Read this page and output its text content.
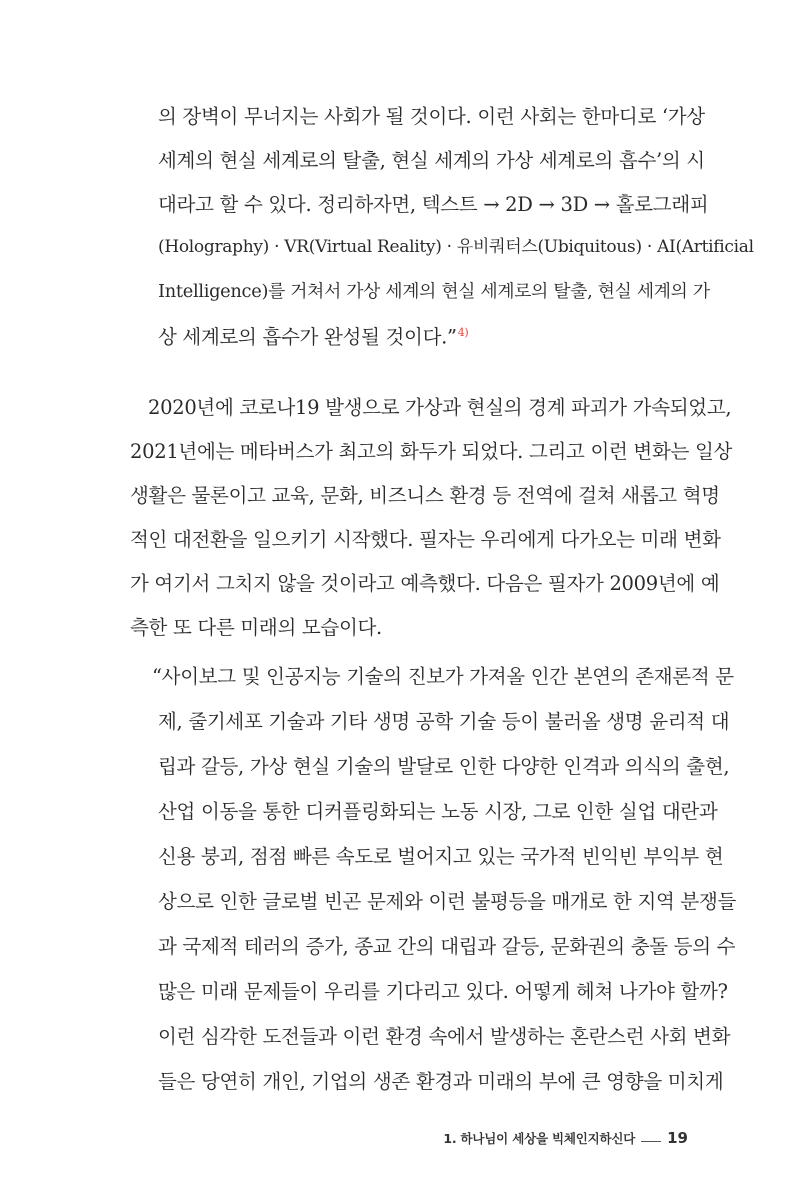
의 장벽이 무너지는 사회가 될 것이다. 이런 사회는 한마디로 ‘가상
세계의 현실 세계로의 탈출, 현실 세계의 가상 세계로의 흡수’의 시
대라고 할 수 있다. 정리하자면, 텍스트 → 2D → 3D → 홀로그래피
(Holography) · VR(Virtual Reality) · 유비쿼터스(Ubiquitous) · AI(Artificial
Intelligence)를 거쳐서 가상 세계의 현실 세계로의 탈출, 현실 세계의 가
상 세계로의 흡수가 완성될 것이다.”$^{4)}$
2020년에 코로나19 발생으로 가상과 현실의 경계 파괴가 가속되었고,
2021년에는 메타버스가 최고의 화두가 되었다. 그리고 이런 변화는 일상
생활은 물론이고 교육, 문화, 비즈니스 환경 등 전역에 걸쳐 새롭고 혁명
적인 대전환을 일으키기 시작했다. 필자는 우리에게 다가오는 미래 변화
가 여기서 그치지 않을 것이라고 예측했다. 다음은 필자가 2009년에 예
측한 또 다른 미래의 모습이다.
“사이보그 및 인공지능 기술의 진보가 가져올 인간 본연의 존재론적 문
제, 줄기세포 기술과 기타 생명 공학 기술 등이 불러올 생명 윤리적 대
립과 갈등, 가상 현실 기술의 발달로 인한 다양한 인격과 의식의 출현,
산업 이동을 통한 디커플링화되는 노동 시장, 그로 인한 실업 대란과
신용 붕괴, 점점 빠른 속도로 벌어지고 있는 국가적 빈익빈 부익부 현
상으로 인한 글로벌 빈곤 문제와 이런 불평등을 매개로 한 지역 분쟁들
과 국제적 테러의 증가, 종교 간의 대립과 갈등, 문화권의 충돌 등의 수
많은 미래 문제들이 우리를 기다리고 있다. 어떻게 헤쳐 나가야 할까?
이런 심각한 도전들과 이런 환경 속에서 발생하는 혼란스런 사회 변화
들은 당연히 개인, 기업의 생존 환경과 미래의 부에 큰 영향을 미치게
1. 하나님이 세상을 빅체인지하신다 19
